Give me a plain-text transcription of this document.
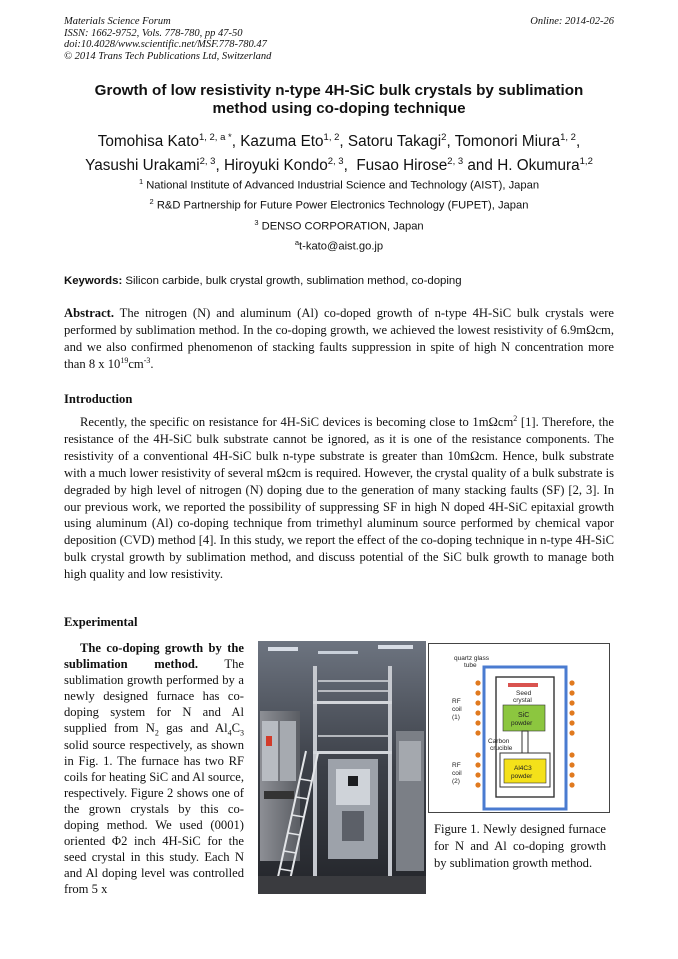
Materials Science Forum
ISSN: 1662-9752, Vols. 778-780, pp 47-50
doi:10.4028/www.scientific.net/MSF.778-780.47
© 2014 Trans Tech Publications Ltd, Switzerland
Online: 2014-02-26
Growth of low resistivity n-type 4H-SiC bulk crystals by sublimation
method using co-doping technique
Tomohisa Kato$^{1, 2, a *}$, Kazuma Eto$^{1, 2}$, Satoru Takagi$^2$, Tomonori Miura$^{1, 2}$,
Yasushi Urakami$^{2, 3}$, Hiroyuki Kondo$^{2, 3}$,  Fusao Hirose$^{2, 3}$ and H. Okumura$^{1,2}$
$^1$ National Institute of Advanced Industrial Science and Technology (AIST), Japan
$^2$ R&D Partnership for Future Power Electronics Technology (FUPET), Japan
$^3$ DENSO CORPORATION, Japan
$^a$t-kato@aist.go.jp
Keywords: Silicon carbide, bulk crystal growth, sublimation method, co-doping
Abstract. The nitrogen (N) and aluminum (Al) co-doped growth of n-type 4H-SiC bulk crystals were performed by sublimation method. In the co-doping growth, we achieved the lowest resistivity of 6.9mΩcm, and we also confirmed phenomenon of stacking faults suppression in spite of high N concentration more than 8 x $10^{19}cm^{-3}$.
Introduction
Recently, the specific on resistance for 4H-SiC devices is becoming close to 1mΩcm$^2$ [1]. Therefore, the resistance of the 4H-SiC bulk substrate cannot be ignored, as it is one of the resistance components. The resistivity of a conventional 4H-SiC bulk n-type substrate is greater than 10mΩcm. Hence, bulk substrate with a much lower resistivity of several mΩcm is required. However, the crystal quality of a bulk substrate is degraded by high level of nitrogen (N) doping due to the generation of many stacking faults (SF) [2, 3]. In our previous work, we reported the possibility of suppressing SF in high N doped 4H-SiC epitaxial growth using aluminum (Al) co-doping technique from trimethyl aluminum source performed by chemical vapor deposition (CVD) method [4]. In this study, we report the effect of the co-doping technique in n-type 4H-SiC bulk crystal growth by sublimation method, and discuss potential of the SiC bulk growth to manage both high quality and low resistivity.
Experimental
The co-doping growth by the sublimation method. The sublimation growth performed by a newly designed furnace has co-doping system for N and Al supplied from $N_2$ gas and $Al_4C_3$ solid source respectively, as shown in Fig. 1. The furnace has two RF coils for heating SiC and Al source, respectively. Figure 2 shows one of the grown crystals by this co-doping method. We used (0001) oriented Φ2 inch 4H-SiC for the seed crystal in this study. Each N and Al doping level was controlled from 5 x
quartz glass
tube
Seed
crystal
SiC
powder
Carbon
crucible
Al4C3
powder
RF
coil
(1)
RF
coil
(2)
Figure 1. Newly designed furnace for N and Al co-doping growth by sublimation growth method.
